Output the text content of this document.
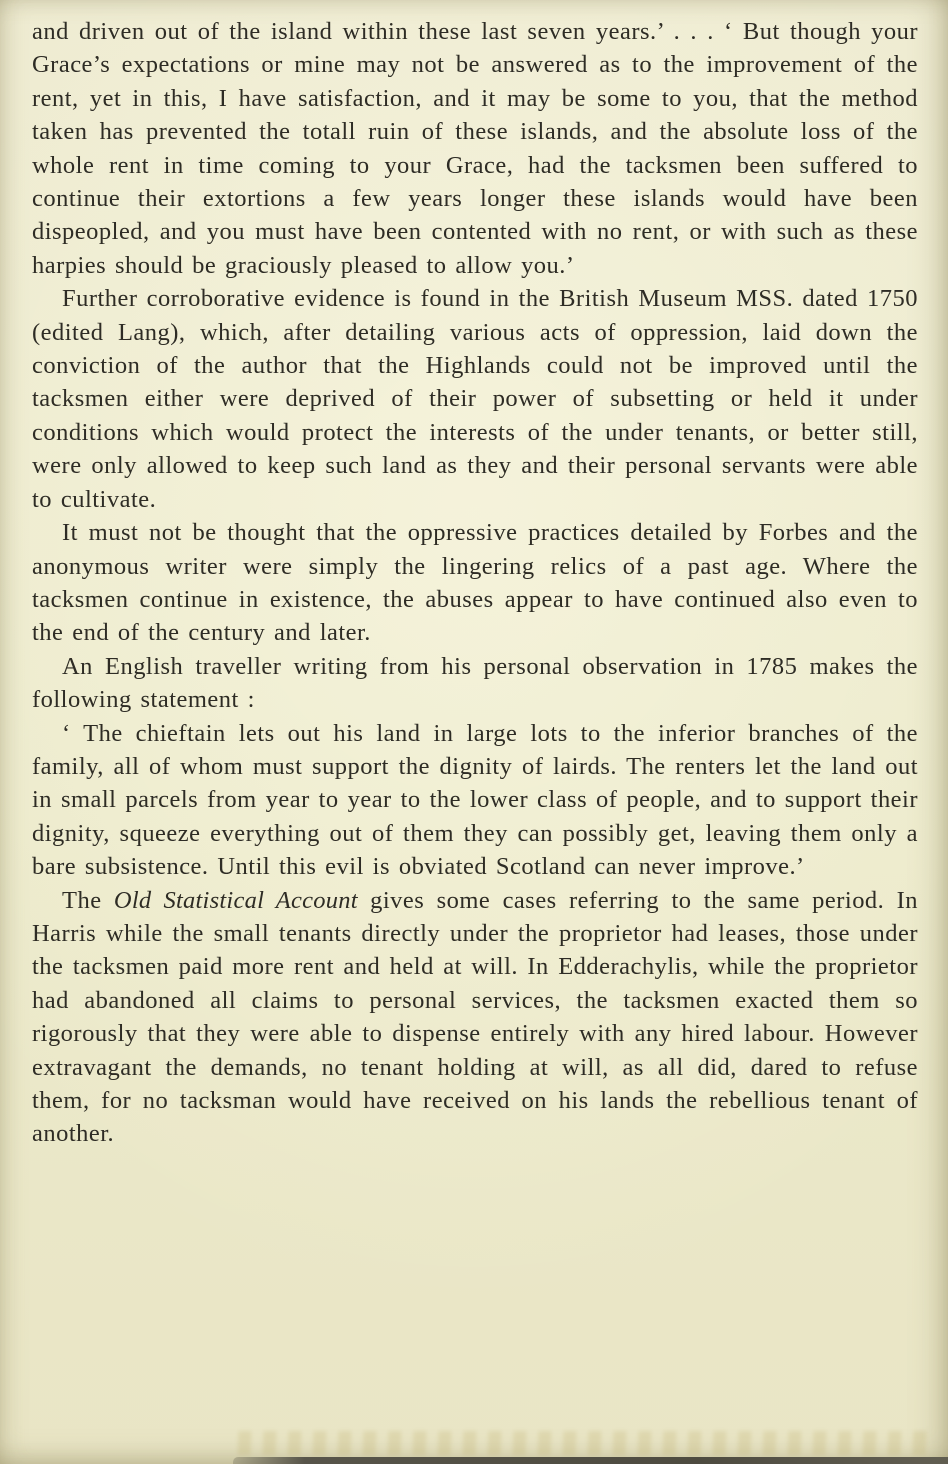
and driven out of the island within these last seven years.’ . . . ‘ But though your Grace’s expectations or mine may not be answered as to the improvement of the rent, yet in this, I have satisfaction, and it may be some to you, that the method taken has prevented the totall ruin of these islands, and the absolute loss of the whole rent in time coming to your Grace, had the tacksmen been suffered to continue their extortions a few years longer these islands would have been dispeopled, and you must have been contented with no rent, or with such as these harpies should be graciously pleased to allow you.’

Further corroborative evidence is found in the British Museum MSS. dated 1750 (edited Lang), which, after detailing various acts of oppression, laid down the conviction of the author that the Highlands could not be improved until the tacksmen either were deprived of their power of subsetting or held it under conditions which would protect the interests of the under tenants, or better still, were only allowed to keep such land as they and their personal servants were able to cultivate.

It must not be thought that the oppressive practices detailed by Forbes and the anonymous writer were simply the lingering relics of a past age. Where the tacksmen continue in existence, the abuses appear to have continued also even to the end of the century and later.

An English traveller writing from his personal observation in 1785 makes the following statement :

‘ The chieftain lets out his land in large lots to the inferior branches of the family, all of whom must support the dignity of lairds. The renters let the land out in small parcels from year to year to the lower class of people, and to support their dignity, squeeze everything out of them they can possibly get, leaving them only a bare subsistence. Until this evil is obviated Scotland can never improve.’

The Old Statistical Account gives some cases referring to the same period. In Harris while the small tenants directly under the proprietor had leases, those under the tacksmen paid more rent and held at will. In Edderachylis, while the proprietor had abandoned all claims to personal services, the tacksmen exacted them so rigorously that they were able to dispense entirely with any hired labour. However extravagant the demands, no tenant holding at will, as all did, dared to refuse them, for no tacksman would have received on his lands the rebellious tenant of another.
